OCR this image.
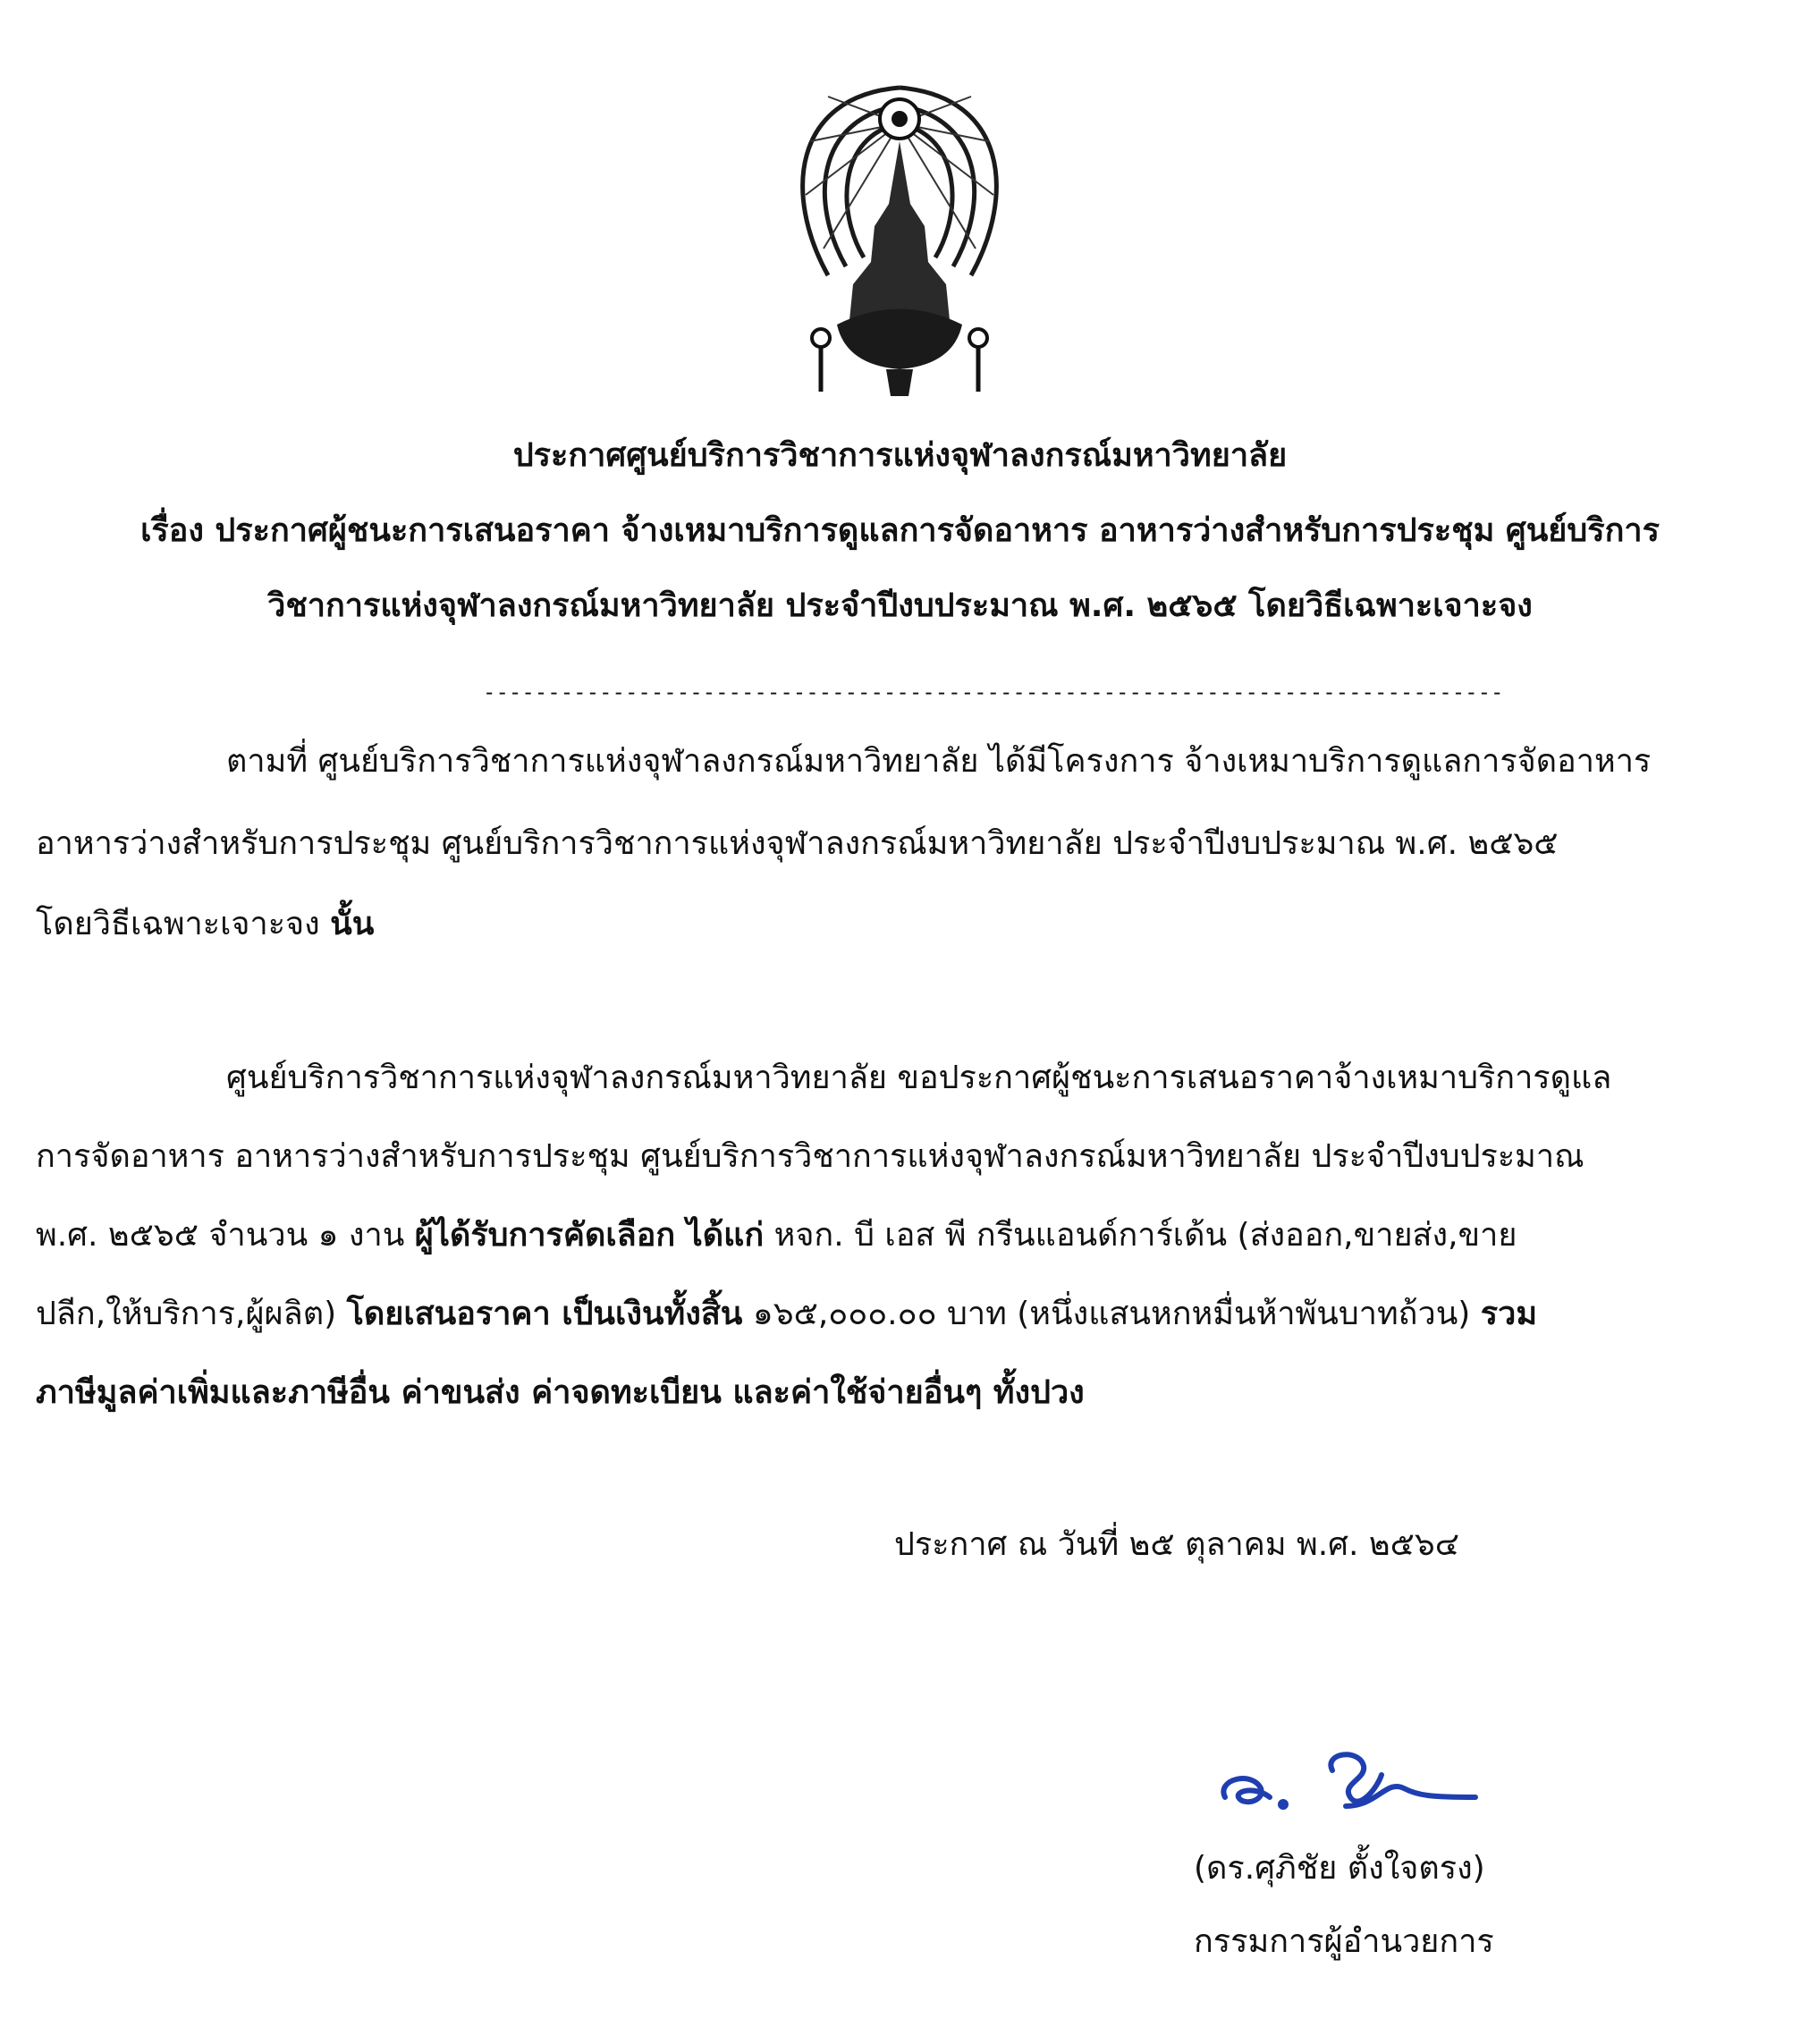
ประกาศศูนย์บริการวิชาการแห่งจุฬาลงกรณ์มหาวิทยาลัย
เรื่อง ประกาศผู้ชนะการเสนอราคา จ้างเหมาบริการดูแลการจัดอาหาร อาหารว่างสำหรับการประชุม ศูนย์บริการ
วิชาการแห่งจุฬาลงกรณ์มหาวิทยาลัย ประจำปีงบประมาณ พ.ศ. ๒๕๖๕ โดยวิธีเฉพาะเจาะจง
-------------------------------------------------------------------------------
ตามที่ ศูนย์บริการวิชาการแห่งจุฬาลงกรณ์มหาวิทยาลัย ได้มีโครงการ จ้างเหมาบริการดูแลการจัดอาหาร
อาหารว่างสำหรับการประชุม ศูนย์บริการวิชาการแห่งจุฬาลงกรณ์มหาวิทยาลัย ประจำปีงบประมาณ พ.ศ. ๒๕๖๕
โดยวิธีเฉพาะเจาะจง นั้น
ศูนย์บริการวิชาการแห่งจุฬาลงกรณ์มหาวิทยาลัย ขอประกาศผู้ชนะการเสนอราคาจ้างเหมาบริการดูแล
การจัดอาหาร อาหารว่างสำหรับการประชุม ศูนย์บริการวิชาการแห่งจุฬาลงกรณ์มหาวิทยาลัย ประจำปีงบประมาณ
พ.ศ. ๒๕๖๕ จำนวน ๑ งาน ผู้ได้รับการคัดเลือก ได้แก่ หจก. บี เอส พี กรีนแอนด์การ์เด้น (ส่งออก,ขายส่ง,ขาย
ปลีก,ให้บริการ,ผู้ผลิต) โดยเสนอราคา เป็นเงินทั้งสิ้น ๑๖๕,๐๐๐.๐๐ บาท (หนึ่งแสนหกหมื่นห้าพันบาทถ้วน) รวม
ภาษีมูลค่าเพิ่มและภาษีอื่น ค่าขนส่ง ค่าจดทะเบียน และค่าใช้จ่ายอื่นๆ ทั้งปวง
ประกาศ ณ วันที่ ๒๕ ตุลาคม พ.ศ. ๒๕๖๔
(ดร.ศุภิชัย ตั้งใจตรง)
กรรมการผู้อำนวยการ
